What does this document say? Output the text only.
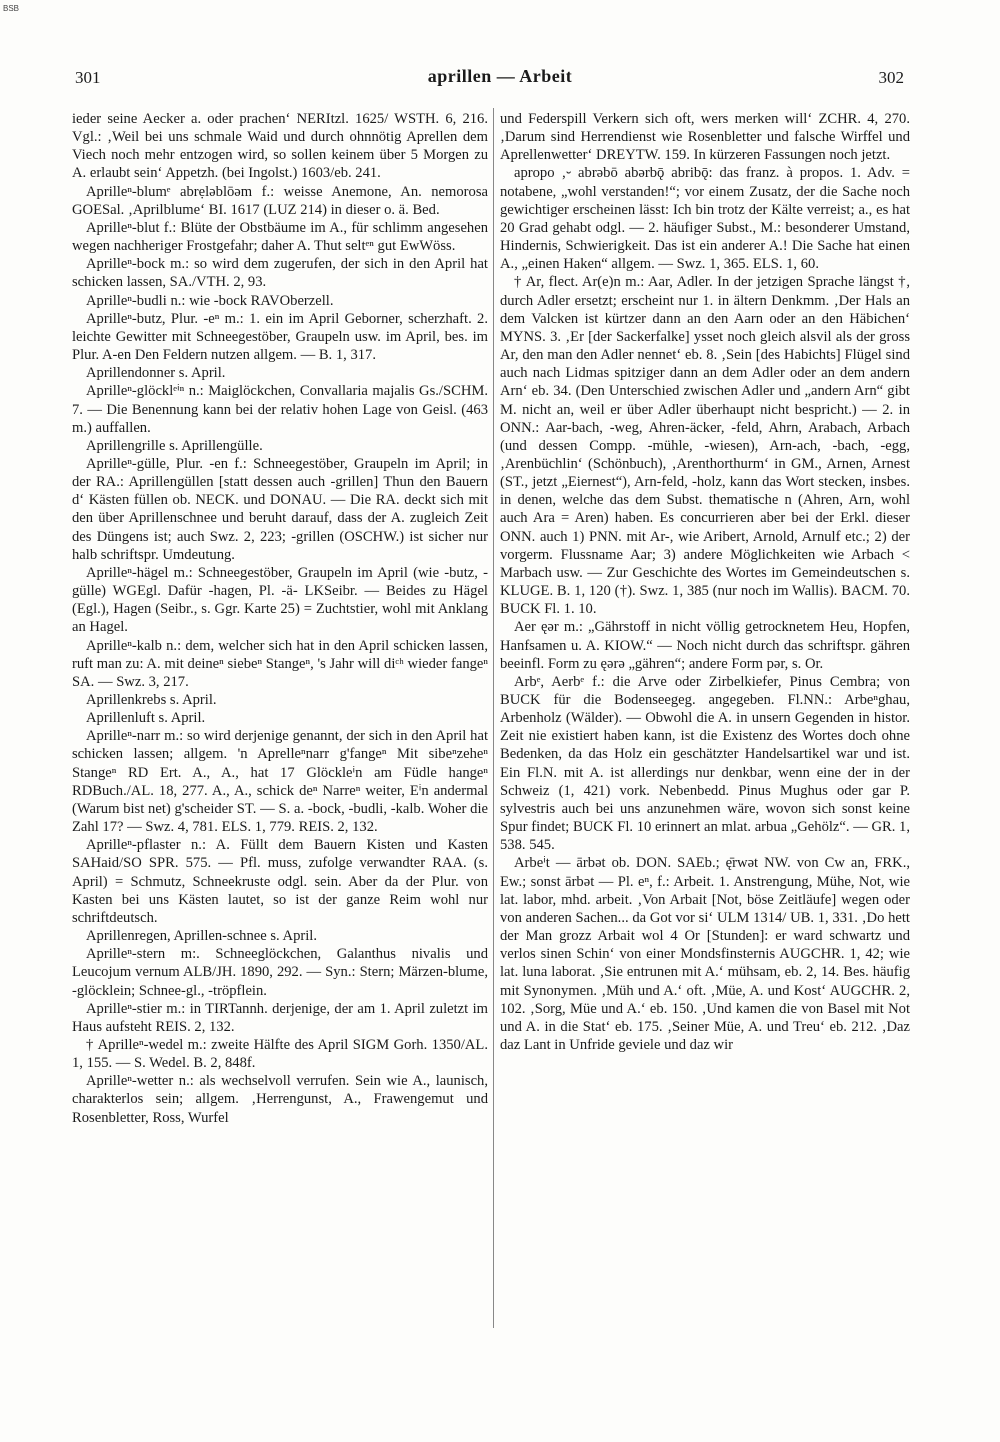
BSB
301	aprillen — Arbeit	302

ieder seine Aecker a. oder prachen‘ NERItzl. 1625/ WSTH. 6, 216. Vgl.: ‚Weil bei uns schmale Waid und durch ohnnötig Aprellen dem Viech noch mehr entzogen wird, so sollen keinem über 5 Morgen zu A. erlaubt sein‘ Appetzh. (bei Ingolst.) 1603/eb. 241.

Aprilleⁿ-blumᵉ abrẹləblōəm f.: weisse Anemone, An. nemorosa GOESal. ‚Aprilblume‘ BI. 1617 (LUZ 214) in dieser o. ä. Bed.

Aprilleⁿ-blut f.: Blüte der Obstbäume im A., für schlimm angesehen wegen nachheriger Frostgefahr; daher A. Thut seltᵉⁿ gut EwWöss.

Aprilleⁿ-bock m.: so wird dem zugerufen, der sich in den April hat schicken lassen, SA./VTH. 2, 93.

Aprilleⁿ-budli n.: wie -bock RAVOberzell.

Aprilleⁿ-butz, Plur. -eⁿ m.: 1. ein im April Geborner, scherzhaft. 2. leichte Gewitter mit Schneegestöber, Graupeln usw. im April, bes. im Plur. A-en Den Feldern nutzen allgem. — B. 1, 317.

Aprillendonner s. April.

Aprilleⁿ-glöcklᵉⁱⁿ n.: Maiglöckchen, Convallaria majalis Gs./SCHM. 7. — Die Benennung kann bei der relativ hohen Lage von Geisl. (463 m.) auffallen.

Aprillengrille s. Aprillengülle.

Aprilleⁿ-gülle, Plur. -en f.: Schneegestöber, Graupeln im April; in der RA.: Aprillengüllen [statt dessen auch -grillen] Thun den Bauern d‘ Kästen füllen ob. NECK. und DONAU. — Die RA. deckt sich mit den über Aprillenschnee und beruht darauf, dass der A. zugleich Zeit des Düngens ist; auch Swz. 2, 223; -grillen (OSCHW.) ist sicher nur halb schriftspr. Umdeutung.

Aprilleⁿ-hägel m.: Schneegestöber, Graupeln im April (wie -butz, -gülle) WGEgl. Dafür -hagen, Pl. -ä- LKSeibr. — Beides zu Hägel (Egl.), Hagen (Seibr., s. Ggr. Karte 25) = Zuchtstier, wohl mit Anklang an Hagel.

Aprilleⁿ-kalb n.: dem, welcher sich hat in den April schicken lassen, ruft man zu: A. mit deineⁿ siebeⁿ Stangeⁿ, 's Jahr will diᶜʰ wieder fangeⁿ SA. — Swz. 3, 217.

Aprillenkrebs s. April.

Aprillenluft s. April.

Aprilleⁿ-narr m.: so wird derjenige genannt, der sich in den April hat schicken lassen; allgem. 'n Aprelleⁿnarr g'fangeⁿ Mit sibeⁿzeheⁿ Stangeⁿ RD Ert. A., A., hat 17 Glöckleⁱn am Füdle hangeⁿ RDBuch./AL. 18, 277. A., A., schick deⁿ Narreⁿ weiter, Eⁱn andermal (Warum bist net) g'scheider ST. — S. a. -bock, -budli, -kalb. Woher die Zahl 17? — Swz. 4, 781. ELS. 1, 779. REIS. 2, 132.

Aprilleⁿ-pflaster n.: A. Füllt dem Bauern Kisten und Kasten SAHaid/SO SPR. 575. — Pfl. muss, zufolge verwandter RAA. (s. April) = Schmutz, Schneekruste odgl. sein. Aber da der Plur. von Kasten bei uns Kästen lautet, so ist der ganze Reim wohl nur schriftdeutsch.

Aprillenregen, Aprillen-schnee s. April.

Aprilleⁿ-stern m:. Schneeglöckchen, Galanthus nivalis und Leucojum vernum ALB/JH. 1890, 292. — Syn.: Stern; Märzen-blume, -glöcklein; Schnee-gl., -tröpflein.

Aprilleⁿ-stier m.: in TIRTannh. derjenige, der am 1. April zuletzt im Haus aufsteht REIS. 2, 132.

† Aprilleⁿ-wedel m.: zweite Hälfte des April SIGM Gorh. 1350/AL. 1, 155. — S. Wedel. B. 2, 848f.

Aprilleⁿ-wetter n.: als wechselvoll verrufen. Sein wie A., launisch, charakterlos sein; allgem. ‚Herrengunst, A., Frawengemut und Rosenbletter, Ross, Wurfel

und Federspill Verkern sich oft, wers merken will‘ ZCHR. 4, 270. ‚Darum sind Herrendienst wie Rosenbletter und falsche Wirffel und Aprellenwetter‘ DREYTW. 159. In kürzeren Fassungen noch jetzt.

apropo ‚⏑ abrəbō abərbǭ abribǭ: das franz. à propos. 1. Adv. = notabene, „wohl verstanden!“; vor einem Zusatz, der die Sache noch gewichtiger erscheinen lässt: Ich bin trotz der Kälte verreist; a., es hat 20 Grad gehabt odgl. — 2. häufiger Subst., M.: besonderer Umstand, Hindernis, Schwierigkeit. Das ist ein anderer A.! Die Sache hat einen A., „einen Haken“ allgem. — Swz. 1, 365. ELS. 1, 60.

† Ar, flect. Ar(e)n m.: Aar, Adler. In der jetzigen Sprache längst †, durch Adler ersetzt; erscheint nur 1. in ältern Denkmm. ‚Der Hals an dem Valcken ist kürtzer dann an den Aarn oder an den Häbichen‘ MYNS. 3. ‚Er [der Sackerfalke] ysset noch gleich alsvil als der gross Ar, den man den Adler nennet‘ eb. 8. ‚Sein [des Habichts] Flügel sind auch nach Lidmas spitziger dann an dem Adler oder an dem andern Arn‘ eb. 34. (Den Unterschied zwischen Adler und „andern Arn“ gibt M. nicht an, weil er über Adler überhaupt nicht bespricht.) — 2. in ONN.: Aar-bach, -weg, Ahren-äcker, -feld, Ahrn, Arabach, Arbach (und dessen Compp. -mühle, -wiesen), Arn-ach, -bach, -egg, ‚Arenbüchlin‘ (Schönbuch), ‚Arenthorthurm‘ in GM., Arnen, Arnest (ST., jetzt „Eiernest“), Arn-feld, -holz, kann das Wort stecken, insbes. in denen, welche das dem Subst. thematische n (Ahren, Arn, wohl auch Ara = Aren) haben. Es concurrieren aber bei der Erkl. dieser ONN. auch 1) PNN. mit Ar-, wie Aribert, Arnold, Arnulf etc.; 2) der vorgerm. Flussname Aar; 3) andere Möglichkeiten wie Arbach < Marbach usw. — Zur Geschichte des Wortes im Gemeindeutschen s. KLUGE. B. 1, 120 (†). Swz. 1, 385 (nur noch im Wallis). BACM. 70. BUCK Fl. 1. 10.

Aer ęər m.: „Gährstoff in nicht völlig getrocknetem Heu, Hopfen, Hanfsamen u. A. KIOW.“ — Noch nicht durch das schriftspr. gähren beeinfl. Form zu ęərə „gähren“; andere Form pər, s. Or.

Arbᵉ, Aerbᵉ f.: die Arve oder Zirbelkiefer, Pinus Cembra; von BUCK für die Bodenseegeg. angegeben. Fl.NN.: Arbeⁿghau, Arbenholz (Wälder). — Obwohl die A. in unsern Gegenden in histor. Zeit nie existiert haben kann, ist die Existenz des Wortes doch ohne Bedenken, da das Holz ein geschätzter Handelsartikel war und ist. Ein Fl.N. mit A. ist allerdings nur denkbar, wenn eine der in der Schweiz (1, 421) vork. Nebenbedd. Pinus Mughus oder gar P. sylvestris auch bei uns anzunehmen wäre, wovon sich sonst keine Spur findet; BUCK Fl. 10 erinnert an mlat. arbua „Gehölz“. — GR. 1, 538. 545.

Arbeⁱt — ārbət ob. DON. SAEb.; ę̄rwət NW. von Cw an, FRK., Ew.; sonst ārbət — Pl. eⁿ, f.: Arbeit. 1. Anstrengung, Mühe, Not, wie lat. labor, mhd. arbeit. ‚Von Arbait [Not, böse Zeitläufe] wegen oder von anderen Sachen... da Got vor si‘ ULM 1314/ UB. 1, 331. ‚Do hett der Man grozz Arbait wol 4 Or [Stunden]: er ward schwartz und verlos sinen Schin‘ von einer Mondsfinsternis AUGCHR. 1, 42; wie lat. luna laborat. ‚Sie entrunen mit A.‘ mühsam, eb. 2, 14. Bes. häufig mit Synonymen. ‚Müh und A.‘ oft. ‚Müe, A. und Kost‘ AUGCHR. 2, 102. ‚Sorg, Müe und A.‘ eb. 150. ‚Und kamen die von Basel mit Not und A. in die Stat‘ eb. 175. ‚Seiner Müe, A. und Treu‘ eb. 212. ‚Daz daz Lant in Unfride geviele und daz wir
